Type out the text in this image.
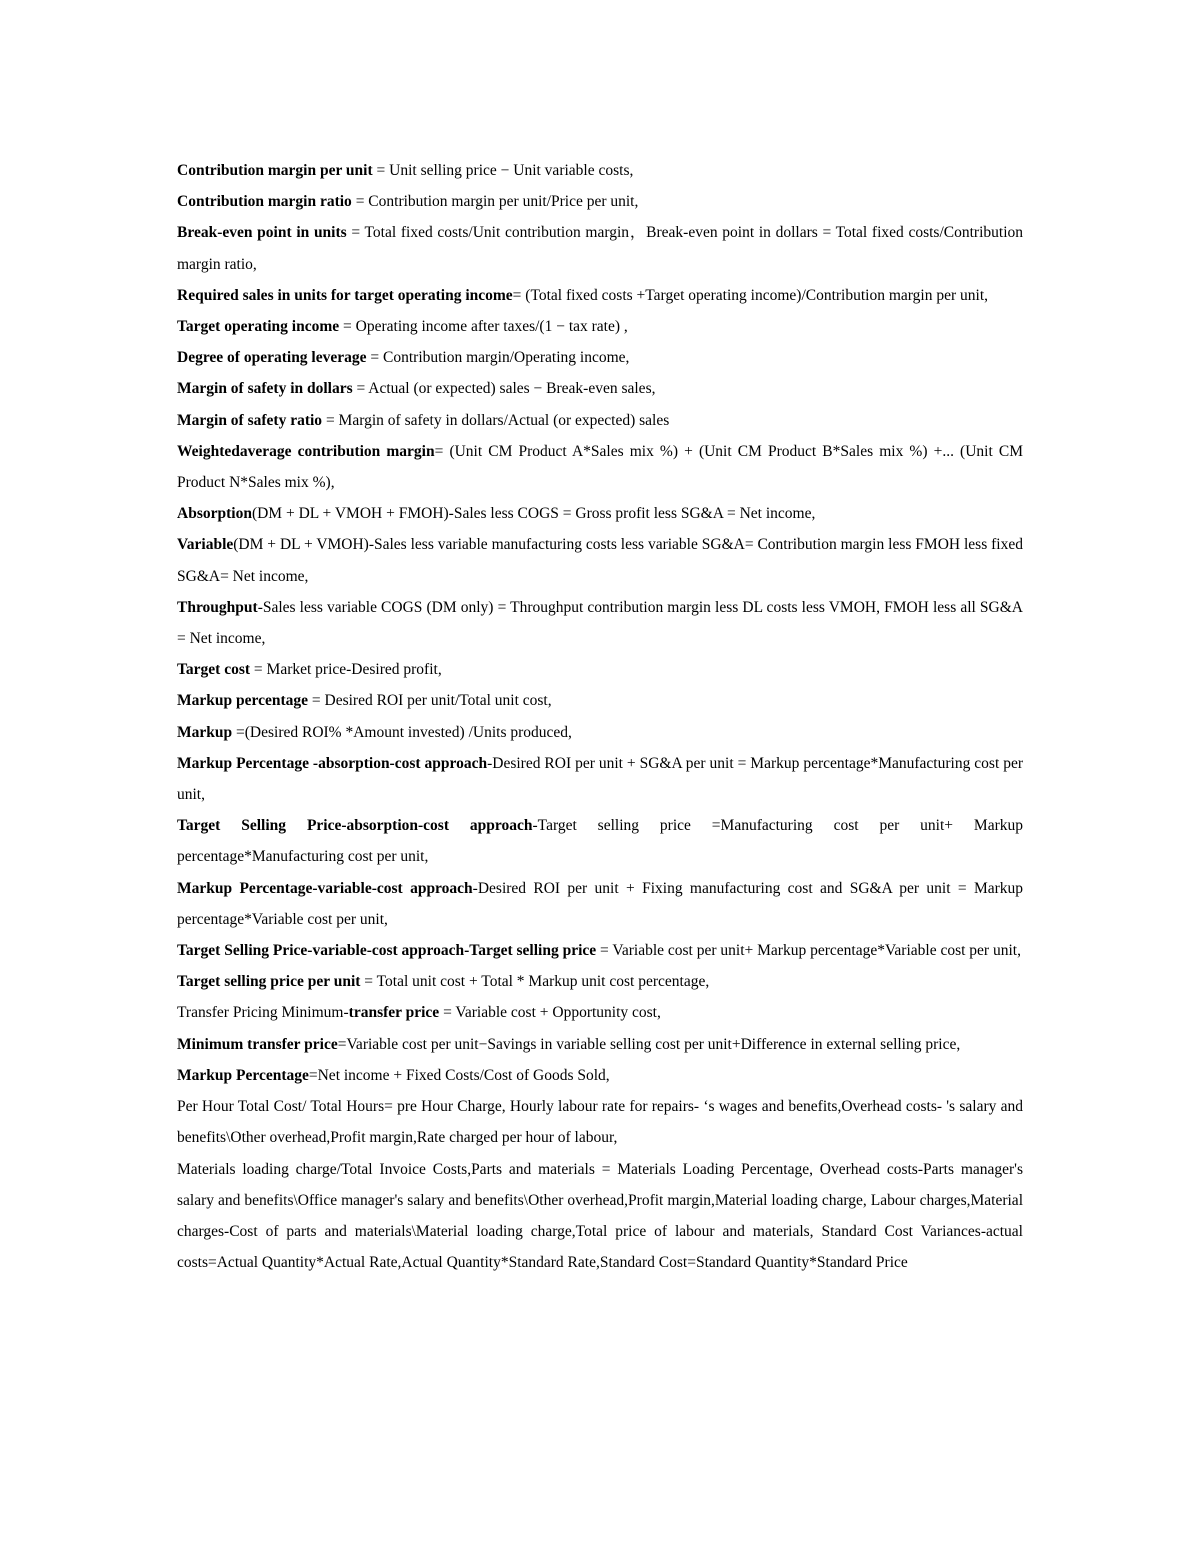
Contribution margin per unit = Unit selling price − Unit variable costs,

Contribution margin ratio = Contribution margin per unit/Price per unit,

Break-even point in units = Total fixed costs/Unit contribution margin，Break-even point in dollars = Total fixed costs/Contribution margin ratio,

Required sales in units for target operating income= (Total fixed costs +Target operating income)/Contribution margin per unit,

Target operating income = Operating income after taxes/(1 − tax rate) ,

Degree of operating leverage = Contribution margin/Operating income,

Margin of safety in dollars = Actual (or expected) sales − Break-even sales,

Margin of safety ratio = Margin of safety in dollars/Actual (or expected) sales

Weightedaverage contribution margin= (Unit CM Product A*Sales mix %) + (Unit CM Product B*Sales mix %) +... (Unit CM Product N*Sales mix %),

Absorption(DM + DL + VMOH + FMOH)-Sales less COGS = Gross profit less SG&A = Net income,

Variable(DM + DL + VMOH)-Sales less variable manufacturing costs less variable SG&A= Contribution margin less FMOH less fixed SG&A= Net income,

Throughput-Sales less variable COGS (DM only) = Throughput contribution margin less DL costs less VMOH, FMOH less all SG&A = Net income,

Target cost = Market price-Desired profit,

Markup percentage = Desired ROI per unit/Total unit cost,

Markup =(Desired ROI% *Amount invested) /Units produced,

Markup Percentage -absorption-cost approach-Desired ROI per unit + SG&A per unit = Markup percentage*Manufacturing cost per unit,

Target Selling Price-absorption-cost approach-Target selling price =Manufacturing cost per unit+ Markup percentage*Manufacturing cost per unit,

Markup Percentage-variable-cost approach-Desired ROI per unit + Fixing manufacturing cost and SG&A per unit = Markup percentage*Variable cost per unit,

Target Selling Price-variable-cost approach-Target selling price = Variable cost per unit+ Markup percentage*Variable cost per unit,

Target selling price per unit = Total unit cost + Total * Markup unit cost percentage,

Transfer Pricing Minimum-transfer price = Variable cost + Opportunity cost,

Minimum transfer price=Variable cost per unit−Savings in variable selling cost per unit+Difference in external selling price,

Markup Percentage=Net income + Fixed Costs/Cost of Goods Sold,

Per Hour Total Cost/ Total Hours= pre Hour Charge, Hourly labour rate for repairs- ‘s wages and benefits,Overhead costs- 's salary and benefits\Other overhead,Profit margin,Rate charged per hour of labour,

Materials loading charge/Total Invoice Costs,Parts and materials = Materials Loading Percentage, Overhead costs-Parts manager's salary and benefits\Office manager's salary and benefits\Other overhead,Profit margin,Material loading charge, Labour charges,Material charges-Cost of parts and materials\Material loading charge,Total price of labour and materials, Standard Cost Variances-actual costs=Actual Quantity*Actual Rate,Actual Quantity*Standard Rate,Standard Cost=Standard Quantity*Standard Price
